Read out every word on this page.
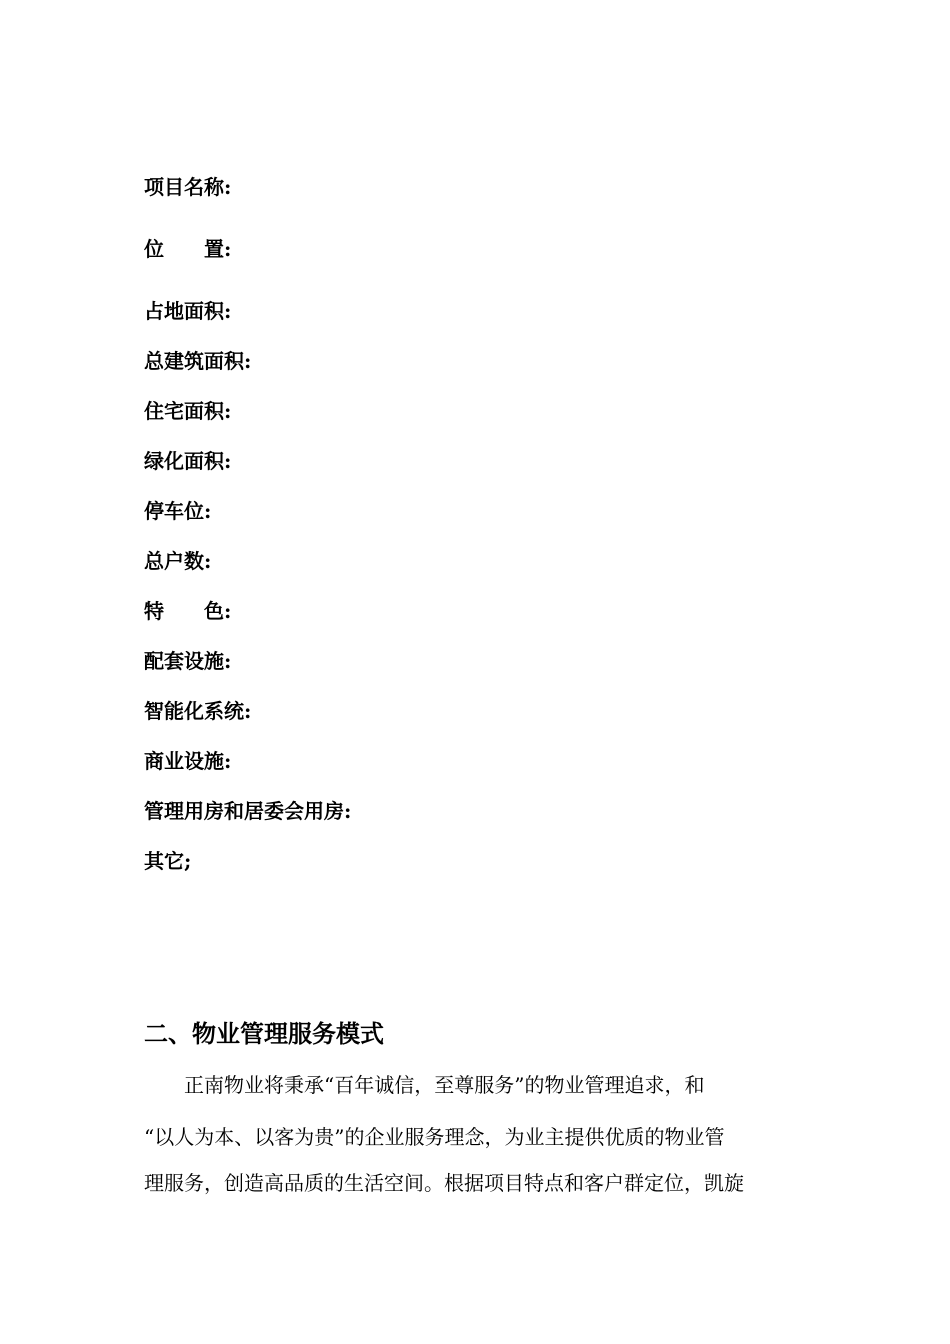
项目名称:
位　　置:
占地面积:
总建筑面积:
住宅面积:
绿化面积:
停车位:
总户数:
特　　色:
配套设施:
智能化系统:
商业设施:
管理用房和居委会用房:
其它;
二、物业管理服务模式
　　正南物业将秉承“百年诚信，至尊服务”的物业管理追求，和
“以人为本、以客为贵”的企业服务理念，为业主提供优质的物业管
理服务，创造高品质的生活空间。根据项目特点和客户群定位，凯旋
